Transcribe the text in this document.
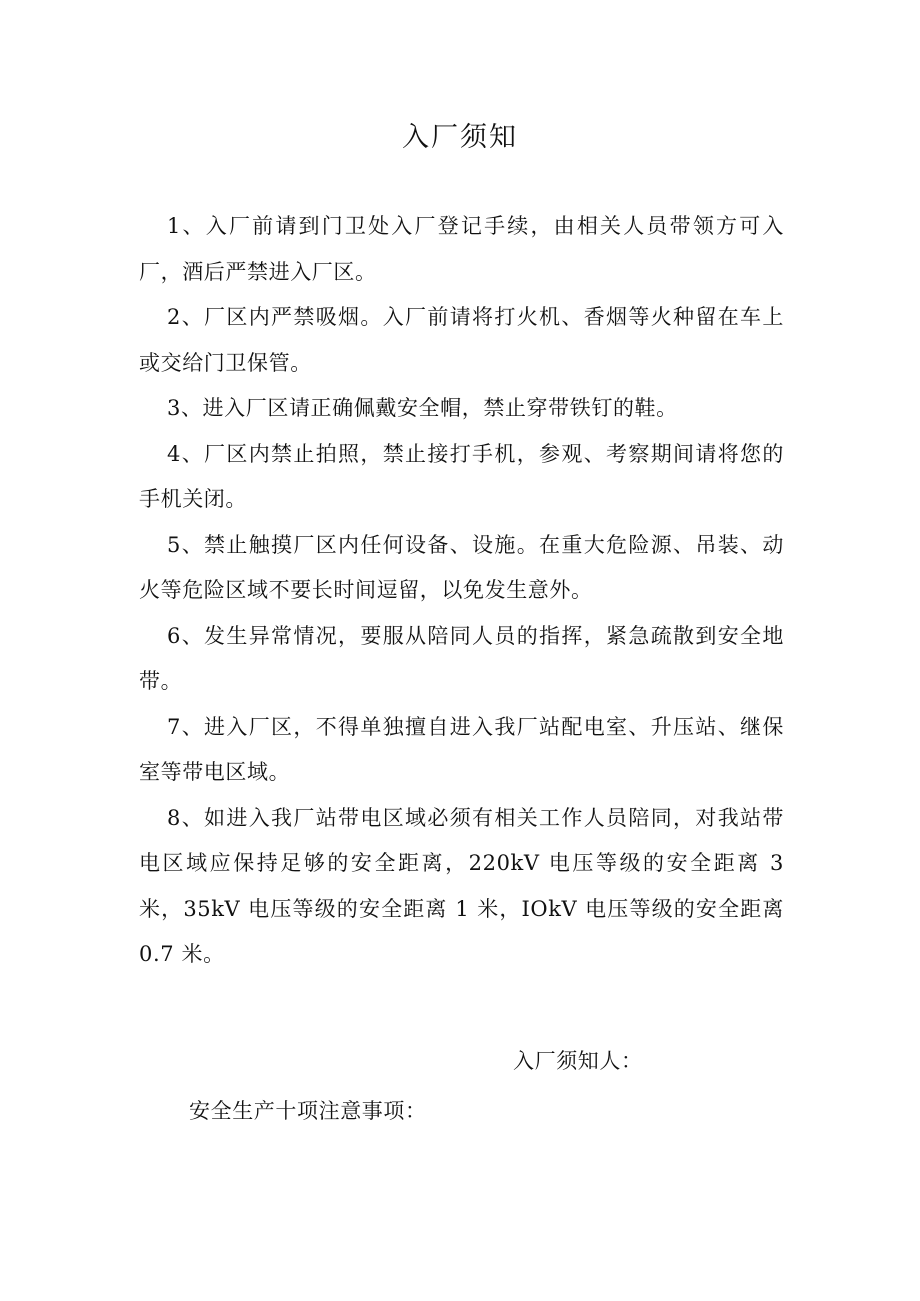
入厂须知
1、入厂前请到门卫处入厂登记手续，由相关人员带领方可入厂，酒后严禁进入厂区。
2、厂区内严禁吸烟。入厂前请将打火机、香烟等火种留在车上或交给门卫保管。
3、进入厂区请正确佩戴安全帽，禁止穿带铁钉的鞋。
4、厂区内禁止拍照，禁止接打手机，参观、考察期间请将您的手机关闭。
5、禁止触摸厂区内任何设备、设施。在重大危险源、吊装、动火等危险区域不要长时间逗留，以免发生意外。
6、发生异常情况，要服从陪同人员的指挥，紧急疏散到安全地带。
7、进入厂区，不得单独擅自进入我厂站配电室、升压站、继保室等带电区域。
8、如进入我厂站带电区域必须有相关工作人员陪同，对我站带电区域应保持足够的安全距离，220kV 电压等级的安全距离 3 米，35kV 电压等级的安全距离 1 米，IOkV 电压等级的安全距离 0.7 米。
入厂须知人：
安全生产十项注意事项：
